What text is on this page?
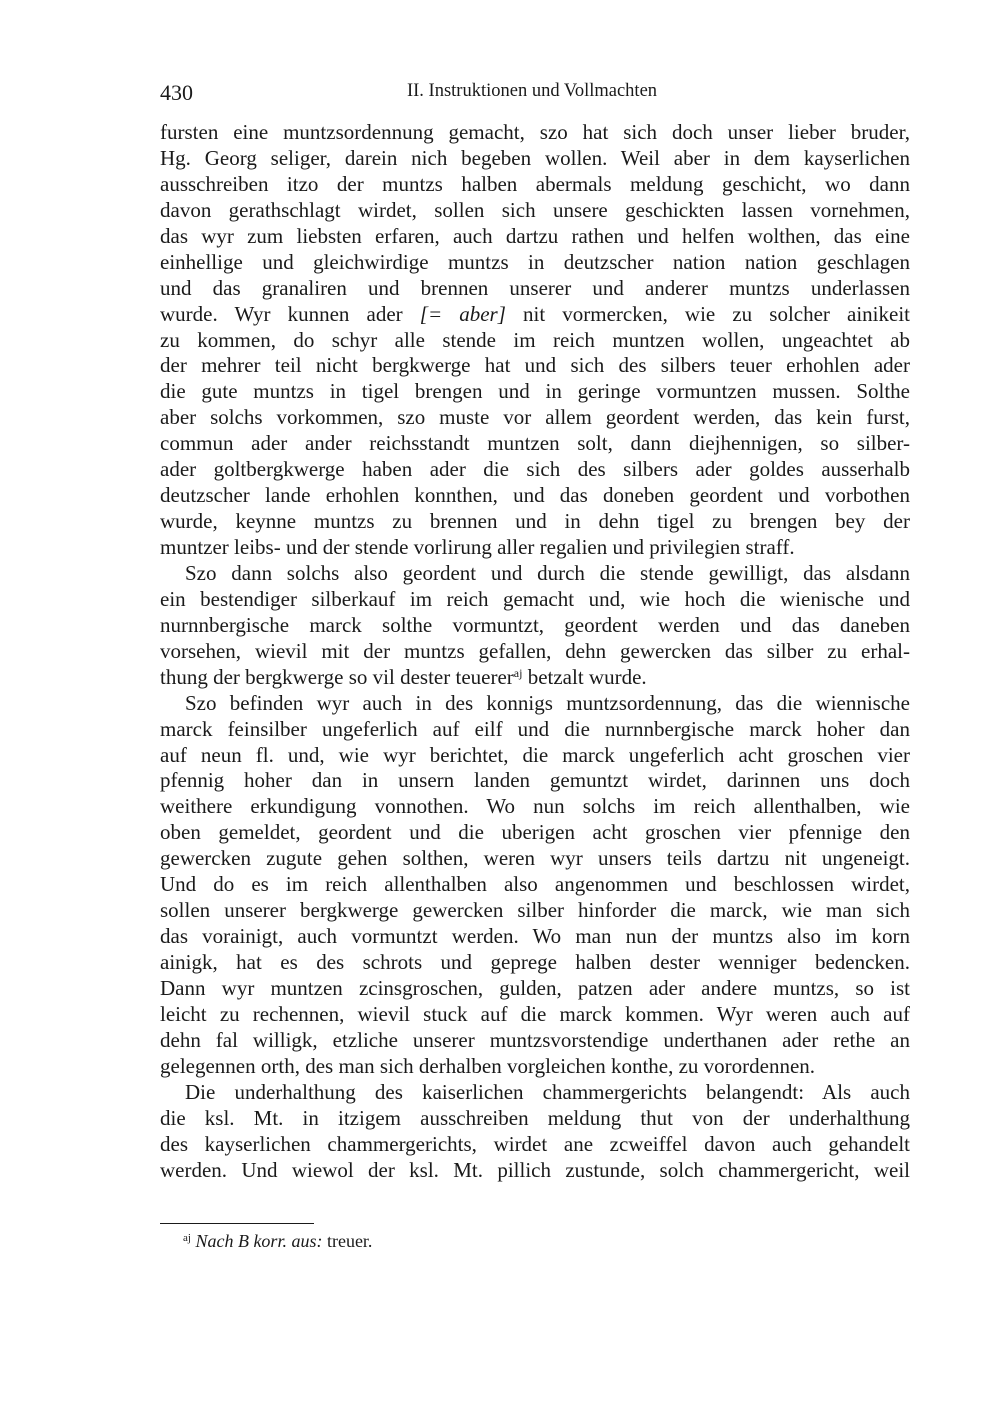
430	II. Instruktionen und Vollmachten
fursten eine muntzsordennung gemacht, szo hat sich doch unser lieber bruder,
Hg. Georg seliger, darein nich begeben wollen. Weil aber in dem kayserlichen
ausschreiben itzo der muntzs halben abermals meldung geschicht, wo dann
davon gerathschlagt wirdet, sollen sich unsere geschickten lassen vornehmen,
das wyr zum liebsten erfaren, auch dartzu rathen und helfen wolthen, das eine
einhellige und gleichwirdige muntzs in deutzscher nation nation geschlagen
und das granaliren und brennen unserer und anderer muntzs underlassen
wurde. Wyr kunnen ader [= aber] nit vormercken, wie zu solcher ainikeit
zu kommen, do schyr alle stende im reich muntzen wollen, ungeachtet ab
der mehrer teil nicht bergkwerge hat und sich des silbers teuer erhohlen ader
die gute muntzs in tigel brengen und in geringe vormuntzen mussen. Solthe
aber solchs vorkommen, szo muste vor allem geordent werden, das kein furst,
commun ader ander reichsstandt muntzen solt, dann diejhennigen, so silber-
ader goltbergkwerge haben ader die sich des silbers ader goldes ausserhalb
deutzscher lande erhohlen konnthen, und das doneben geordent und vorbothen
wurde, keynne muntzs zu brennen und in dehn tigel zu brengen bey der
muntzer leibs- und der stende vorlirung aller regalien und privilegien straff.
Szo dann solchs also geordent und durch die stende gewilligt, das alsdann
ein bestendiger silberkauf im reich gemacht und, wie hoch die wienische und
nurnnbergische marck solthe vormuntzt, geordent werden und das daneben
vorsehen, wievil mit der muntzs gefallen, dehn gewercken das silber zu erhal-
thung der bergkwerge so vil dester teuerer$^{aj}$ betzalt wurde.
Szo befinden wyr auch in des konnigs muntzsordennung, das die wiennische
marck feinsilber ungeferlich auf eilf und die nurnnbergische marck hoher dan
auf neun fl. und, wie wyr berichtet, die marck ungeferlich acht groschen vier
pfennig hoher dan in unsern landen gemuntzt wirdet, darinnen uns doch
weithere erkundigung vonnothen. Wo nun solchs im reich allenthalben, wie
oben gemeldet, geordent und die uberigen acht groschen vier pfennige den
gewercken zugute gehen solthen, weren wyr unsers teils dartzu nit ungeneigt.
Und do es im reich allenthalben also angenommen und beschlossen wirdet,
sollen unserer bergkwerge gewercken silber hinforder die marck, wie man sich
das vorainigt, auch vormuntzt werden. Wo man nun der muntzs also im korn
ainigk, hat es des schrots und geprege halben dester wenniger bedencken.
Dann wyr muntzen zcinsgroschen, gulden, patzen ader andere muntzs, so ist
leicht zu rechennen, wievil stuck auf die marck kommen. Wyr weren auch auf
dehn fal willigk, etzliche unserer muntzsvorstendige underthanen ader rethe an
gelegennen orth, des man sich derhalben vorgleichen konthe, zu vorordennen.
Die underhalthung des kaiserlichen chammergerichts belangendt: Als auch
die ksl. Mt. in itzigem ausschreiben meldung thut von der underhalthung
des kayserlichen chammergerichts, wirdet ane zcweiffel davon auch gehandelt
werden. Und wiewol der ksl. Mt. pillich zustunde, solch chammergericht, weil
$^{aj}$ Nach B korr. aus: treuer.
